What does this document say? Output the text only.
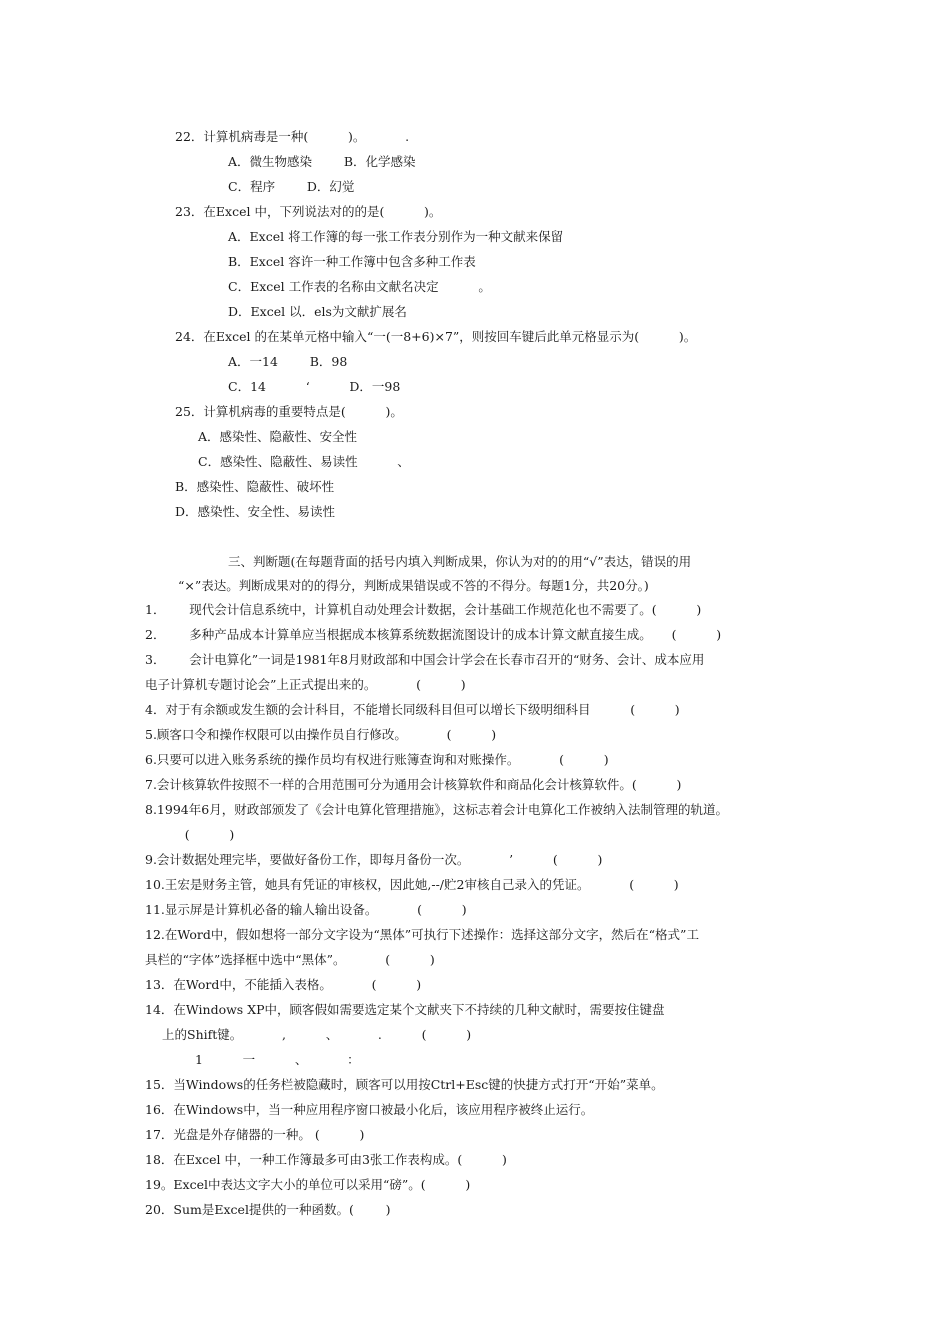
22．计算机病毒是一种(          )。          .
A．微生物感染        B．化学感染
C．程序        D．幻觉
23．在Excel 中，下列说法对的的是(          )。
A．Excel 将工作簿的每一张工作表分别作为一种文献来保留
B．Excel 容许一种工作簿中包含多种工作表
C．Excel 工作表的名称由文献名决定          。
D．Excel 以．els为文献扩展名
24．在Excel 的在某单元格中输入“一(一8+6)×7”，则按回车键后此单元格显示为(          )。
A．一14        B．98
C．14          ‘          D．一98
25．计算机病毒的重要特点是(          )。
A．感染性、隐蔽性、安全性
C．感染性、隐蔽性、易读性          、
B．感染性、隐蔽性、破坏性
D．感染性、安全性、易读性
三、判断题(在每题背面的括号内填入判断成果，你认为对的的用“√”表达，错误的用
“×”表达。判断成果对的的得分，判断成果错误或不答的不得分。每题1分，共20分。)
1．      现代会计信息系统中，计算机自动处理会计数据，会计基础工作规范化也不需要了。(          )
2．      多种产品成本计算单应当根据成本核算系统数据流图设计的成本计算文献直接生成。     (          )
3．      会计电算化”一词是1981年8月财政部和中国会计学会在长春市召开的“财务、会计、成本应用
电子计算机专题讨论会”上正式提出来的。          (          )
4．对于有余额或发生额的会计科目，不能增长同级科目但可以增长下级明细科目          (          )
5.顾客口令和操作权限可以由操作员自行修改。          (          )
6.只要可以进入账务系统的操作员均有权进行账簿查询和对账操作。          (          )
7.会计核算软件按照不一样的合用范围可分为通用会计核算软件和商品化会计核算软件。(          )
8.1994年6月，财政部颁发了《会计电算化管理措施》，这标志着会计电算化工作被纳入法制管理的轨道。
(          )
9.会计数据处理完毕，要做好备份工作，即每月备份一次。          ’          (          )
10.王宏是财务主管，她具有凭证的审核权，因此她,--/贮2审核自己录入的凭证。          (          )
11.显示屏是计算机必备的输人输出设备。          (          )
12.在Word中，假如想将一部分文字设为“黑体”可执行下述操作：选择这部分文字，然后在“格式”工
具栏的“字体”选择框中选中“黑体”。          (          )
13．在Word中，不能插入表格。          (          )
14．在Windows XP中，顾客假如需要选定某个文献夹下不持续的几种文献时，需要按住键盘
上的Shift键。          ,          、          .          (          )
1          一          、          ：
15．当Windows的任务栏被隐藏时，顾客可以用按Ctrl+Esc键的快捷方式打开“开始”菜单。
16．在Windows中，当一种应用程序窗口被最小化后，该应用程序被终止运行。
17．光盘是外存储器的一种。 (          )
18．在Excel 中，一种工作簿最多可由3张工作表构成。(          )
19。Excel中表达文字大小的单位可以采用“磅”。(          )
20．Sum是Excel提供的一种函数。(        )
